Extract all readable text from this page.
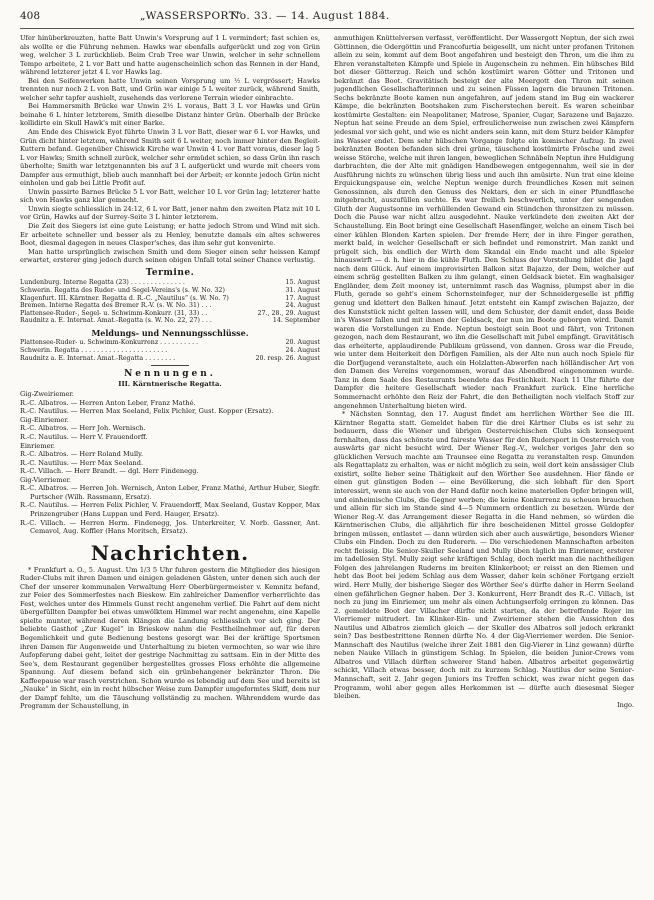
408	„WASSERSPORT“
No. 33. — 14. August 1884.

Ufer hinüberkreuzten, hatte Batt Unwin's Vorsprung auf 1 L vermindert; fast schien es, als wollte er die Führung nehmen. Hawks war ebenfalls aufgerückt und zog von Grün weg, welcher 3 L zurückblieb. Beim Crab Tree war Unwin, welcher in sehr schnellem Tempo arbeitete, 2 L vor Batt und hatte augenscheinlich schon das Rennen in der Hand, während letzterer jetzt 4 L vor Hawks lag.

Bei den Seifenwerken hatte Unwin seinen Vorsprung um ½ L vergrössert; Hawks trennten nur noch 2 L von Batt, und Grün war einige 5 L weiter zurück, während Smith, welcher sehr tapfer aushielt, zusehends das verlorene Terrain wieder einbrachte.

Bei Hammersmith Brücke war Unwin 2½ L voraus, Batt 3 L vor Hawks und Grün beinahe 6 L hinter letzterem, Smith dieselbe Distanz hinter Grün. Oberhalb der Brücke kollidirte ein Skull Hawk's mit einer Barke.

Am Ende des Chiswick Eyot führte Unwin 3 L vor Batt, dieser war 6 L vor Hawks, und Grün dicht hinter letztem, während Smith seit 6 L weiter, noch immer hinter den Begleit-Kuttern befand. Gegenüber Chiswick Kirche war Unwin 4 L vor Batt voraus, dieser lag 5 L vor Hawks; Smith schnell zurück, welcher sehr ermüdet schien, so dass Grün ihn rasch überholte; Smith war letztgenannten bis auf 3 L aufgerückt und wurde mit cheers vom Dampfer aus ermuthigt, blieb auch mannhaft bei der Arbeit; er konnte jedoch Grün nicht einholen und gab bei Little Profit auf.

Unwin passirte Barnes Brücke 5 L vor Batt, welcher 10 L vor Grün lag; letzterer hatte sich von Hawks ganz klar gemacht.

Unwin siegte schliesslich in 24:12, 6 L vor Batt, jener nahm den zweiten Platz mit 10 L vor Grün, Hawks auf der Surrey-Seite 3 L hinter letzterem.

Die Zeit des Siegers ist eine gute Leistung; er hatte jedoch Strom und Wind mit sich. Er arbeitete schneller und besser als zu Henley, benutzte damals ein altes schweres Boot, diesmal dagegen in neues Clasper'sches, das ihm sehr gut konvenirte.

Man hatte ursprünglich zwischen Smith und dem Sieger einen sehr heissen Kampf erwartet, ersterer ging jedoch durch seinen obigen Unfall total seiner Chance verlustig.

Termine.
Lundenburg. Interne Regatta (23) . . . . . . . . . . . . . .	15. August
Schwerin. Regatta des Ruder- und Segel-Vereins's (s. W. No. 32)	31. August
Klagenfurt. III. Kärntner. Regatta d. R.-C. „Nautilus“ (s. W. No. 7)	17. August
Bremen. Interne Regatta des Bremer R.-V. (s. W. No. 31) . . .	24. August
Plattensee-Ruder-, Segel- u. Schwimm-Konkurr. (31, 33) . .	27., 28., 29. August
Raudnitz a. E. Internat. Amat.-Regatta (s. W. No. 22, 27) . . .	14. September
Meldungs- und Nennungsschlüsse.
Plattensee-Ruder- u. Schwimm-Konkurrenz . . . . . . . . . .	20. August
Schwerin. Regatta . . . . . . . . . . . . . . . . . . . . . .	24. August
Raudnitz a. E. Internat. Amat.-Regatta . . . . . . . .	20. resp. 26. August
Nennungen.
III. Kärntnerische Regatta.

Gig-Zweiriemer.

R.-C. Albatros. — Herren Anton Leber, Franz Mathé.

R.-C. Nautilus. — Herren Max Seeland, Felix Pichler, Gust. Kopper (Ersatz).

Gig-Einriemer.

R.-C. Albatros. — Herr Joh. Wernisch.

R.-C. Nautilus. — Herr V. Frauendorff.

Einriemer.

R.-C. Albatros. — Herr Roland Mully.

R.-C. Nautilus. — Herr Max Seeland.

R.-C. Villach. — Herr Brandt. — dgl. Herr Findenegg.

Gig-Vierriemer.

R.-C. Albatros. — Herren Joh. Wernisch, Anton Leber, Franz Mathé, Arthur Huber, Siegfr. Purtscher (Wilh. Rassmann, Ersatz).

R.-C. Nautilus. — Herren Felix Pichler, V. Frauendorff, Max Seeland, Gustav Kopper, Max Prinzengruber (Hans Luppan und Ferd. Hauger, Ersatz).

R.-C. Villach. — Herren Herm. Findenegg, Jos. Unterkreiter, V. Norb. Gassner, Ant. Cemavol, Aug. Koffler (Hans Moritsch, Ersatz).

Nachrichten.

* Frankfurt a. O., 5. August. Um 1/3 5 Uhr fuhren gestern die Mitglieder des hiesigen Ruder-Clubs mit ihren Damen und einigen geladenen Gästen, unter denen sich auch der Chef der unserer kommunalen Verwaltung Herr Oberbürgermeister v. Kemnitz befand, zur Feier des Sommerfestes nach Bieskow. Ein zahlreicher Damenflor verherrlichte das Fest, welches unter des Himmels Gunst recht angenehm verlief. Die Fahrt auf dem nicht übergefüllten Dampfer bei etwas umwölktem Himmel war recht angenehm, eine Kapelle spielte munter, während deren Klängen die Landung schliesslich vor sich ging. Der beliebte Gasthof „Zur Kugel“ in Brieskow nahm die Festtheilnehmer auf, für deren Begemlichkeit und gute Bedienung bestens gesorgt war. Bei der kräftige Sportsmen ihren Damen für Augenweide und Unterhaltung zu bieten vermochten, so war wie ihre Aufopferung dabei geht, leitet der gestrige Nachmittag zu sattsam. Ein in der Mitte des See's, dem Restaurant gegenüber hergestelltes grosses Floss erhöhte die allgemeine Spannung. Auf diesem befand sich ein grünbehangener bekränzter Thron. Die Kaffeepause war rasch verstrichen. Schon wurde es lebendig auf dem See und bereits ist „Nauke“ in Sicht, ein in recht hübscher Weise zum Dampfer umgeformtes Skiff, dem nur der Dampf fehlte, um die Täuschung vollständig zu machen. Währenddem wurde das Programm der Schaustellung, in

anmuthigen Knüttelversen verfasst, veröffentlicht. Der Wassergott Neptun, der sich zwei Göttinnen, die Odergöttin und Francofurtia beigesellt, um nicht unter profanen Tritonen allein zu sein, kommt auf dem Boot angefahren und besteigt den Thron, um die ihm zu Ehren veranstalteten Kämpfe und Spiele in Augenschein zu nehmen. Ein hübsches Bild bot dieser Götterzug. Reich und schön kostümirt waren Götter und Tritonen und bekränzt das Boot. Gravitätisch besteigt der alte Meergott den Thron mit seinen jugendlichen Gesellschafterinnen und zu seinen Füssen lagern die braunen Tritonen. Sechs bekränzte Boote kamen nun angefahren, auf jedem stand im Bug ein wackerer Kämpe, die bekränzten Bootshaken zum Fischerstechen bereit. Es waren scheinbar kostümirte Gestalten: ein Neapolitaner, Matrose, Spanier, Cugar, Sarazene und Bajazzo. Neptun hat seine Freude an dem Spiel, erfreulicherweise nun zwischen zwei Kämpfern jedesmal vor sich geht, und wie es nicht anders sein kann, mit dem Sturz beider Kämpfer ins Wasser endet. Dem sehr hübschen Vorgange folgte ein komischer Aufzug. In zwei bekränzten Booten befanden sich drei grüne, täuschend kostümirte Frösche und zwei weisse Störche, welche mit ihren langen, beweglichen Schnäbeln Neptun ihre Huldigung darbrachten, die der Alte mit gnädigen Handbewegen entgegennahm, weil sie in der Ausführung nichts zu wünschen übrig liess und auch ihn amüsirte. Nun trat eine kleine Erquickungspause ein, welche Neptun wenige durch freundliches Kosen mit seinen Genossinnen, als durch den Genuss des Nektars, den er sich in einer Pfundflasche mitgebracht, auszufüllen suchte. Es war freilich beschwerlich, unter der sengenden Gluth der Augustsonne im verhüllenden Gewand ein Stündchen thronsitzen zu müssen. Doch die Pause war nicht allzu ausgedehnt. Nauke verkündete den zweiten Akt der Schaustellung. Ein Boot bringt eine Gesellschaft Hasenfänger, welche an einem Tisch bei einer kühlen Blonden Karten spielen. Der fremde Herr, der in ihre Finger gerathen, merkt bald, in welcher Gesellschaft er sich befindet und remonstrirt. Man zankt und prügelt sich, bis endlich der Wirth dem Skandal ein Ende macht und alle Spieler hinauswirft — d. h. hier in die kühle Fluth. Den Schluss der Vorstellung bildet die Jagd nach dem Glück. Auf einem improvisirten Balkon sitzt Bajazzo, der Dem, welcher auf einem schräg gestellten Balken zu ihm gelangt, einen Geldsack bietet. Ein waghalsiger Engländer, dem Zeit mooney ist, unternimmt rasch das Wagniss, plumpst aber in die Fluth, gerade so geht's einem Schornsteinfeger, nur der Schneidergeselle ist pfiffig genug und klettert den Balken hinauf. Jetzt entsteht ein Kampf zwischen Bajazzo, der des Kunststück nicht gelten lassen will, und dem Schuster, der damit endet, dass Beide in's Wasser fallen und mit ihnen der Geldsack, der nun im Boote geborgen wird. Damit waren die Vorstellungen zu Ende. Neptun besteigt sein Boot und fährt, von Tritonen gezogen, nach dem Restaurant, wo ihn die Gesellschaft mit Jubel empfängt. Gravitätisch das erheiterte, applaudirende Publikum grüssend, von dannen. Gross war die Freude, wie unter dem Heiterkeit den Dörfigen Familien, als der Alte nun auch noch Spiele für die Dorfjugend veranstaltete, auch ein Holzlatten-Abwerfen nach hölländischer Art von den Damen des Vereins vorgenommen, worauf das Abendbrod eingenommen wurde. Tanz in dem Saale des Restaurants beendete das Festlichkeit. Nach 11 Uhr führte der Dampfer die heitere Gesellschaft wieder nach Frankfurt zurück. Eine herrliche Sommernacht erhöhte den Reiz der Fahrt, die den Betheiligten noch vielfach Stoff zur angenehmen Unterhaltung bieten wird.

* Nächsten Sonntag, den 17. August findet am herrlichen Wörther See die III. Kärntner Regatta statt. Gemeldet haben für die drei Kärtner Clubs es ist sehr zu bedauern, dass die Wiener und übrigen Oesterreichischen Clubs sich konsequent fernhalten, dass das schönste und faireste Wasser für den Rudersport in Oesterreich von auswärts gar nicht besucht wird. Der Wiener Reg.-V., welcher voriges Jahr den so glücklichen Versuch machte am Traunsee eine Regatta zu veranstalten resp. Gmunden als Regattaplatz zu erhalten, was er nicht möglich zu sein, weil dort kein ansässiger Club existirt, sollte lieber seine Thätigkeit auf den Wörther See ausdehnen. Hier fände er einen gut günstigen Boden — eine Bevölkerung, die sich lebhaft für den Sport interessirt, wenn sie auch von der Hand dafür noch keine materiellen Opfer bringen will, und einheimische Clubs, die Gegner werben; die keine Konkurrenz zu scheuen brauchen und allein für sich im Stande sind 4—5 Nummern ordentlich zu besetzen. Würde der Wiener Reg.-V. das Arrangement dieser Regatta in die Hand nehmen, so würden die Kärntnerischen Clubs, die alljährlich für ihre bescheidenen Mittel grosse Geldopfer bringen müssen, entlastet — dann würden sich aber auch auswärtige, besonders Wiener Clubs ein Finden. Doch zu den Ruderern. — Die verschiedenen Mannschaften arbeiten recht fleissig. Die Senior-Skuller Seeland und Mully üben täglich im Einriemer, ersterer im tadellosen Styl. Mully zeigt sehr kräftigen Schlag, doch merkt man die nachtheiligen Folgen des jahrelangen Ruderns im breiten Klinkerboot; er reisst an den Riemen und hebt das Boot bei jedem Schlag aus dem Wasser, daher kein schöner Fortgang erzielt wird. Herr Mully, der bisherige Sieger des Wörther See's dürfte daher in Herrn Seeland einen gefährlichen Gegner haben. Der 3. Konkurrent, Herr Brandt des R.-C. Villach, ist noch zu jung im Einriemer, um mehr als einen Achtungserfolg erringen zu können. Das 2. gemeldete Boot der Villacher dürfte nicht starten, da der betreffende Rojer im Vierriemer mitrudert. Im Klinker-Ein- und Zweiriemer stehen die Aussichten des Nautilus und Albatros ziemlich gleich — der Skuller des Albatros soll jedoch erkrankt sein? Das bestbestrittene Rennen dürfte No. 4 der Gig-Vierriemer werden. Die Senior-Mannschaft des Nautilus (welche ihrer Zeit 1881 den Gig-Vierer in Linz gewann) dürfte neben Nauke Villach in günstigem Schlag. In Spielen, die beiden Junior-Crews vom Albatros und Villach dürften schwerer Stand haben. Albatros arbeitet gegenwärtig schickt, Villach etwas besser, doch mit zu kurzem Schlag. Nautilus der seine Senior-Mannschaft, seit 2. Jahr gegen Juniors ins Treffen schickt, was zwar nicht gegen das Programm, wohl aber gegen alles Herkommen ist — dürfte auch diesesmal Sieger bleiben.

Ingo.
